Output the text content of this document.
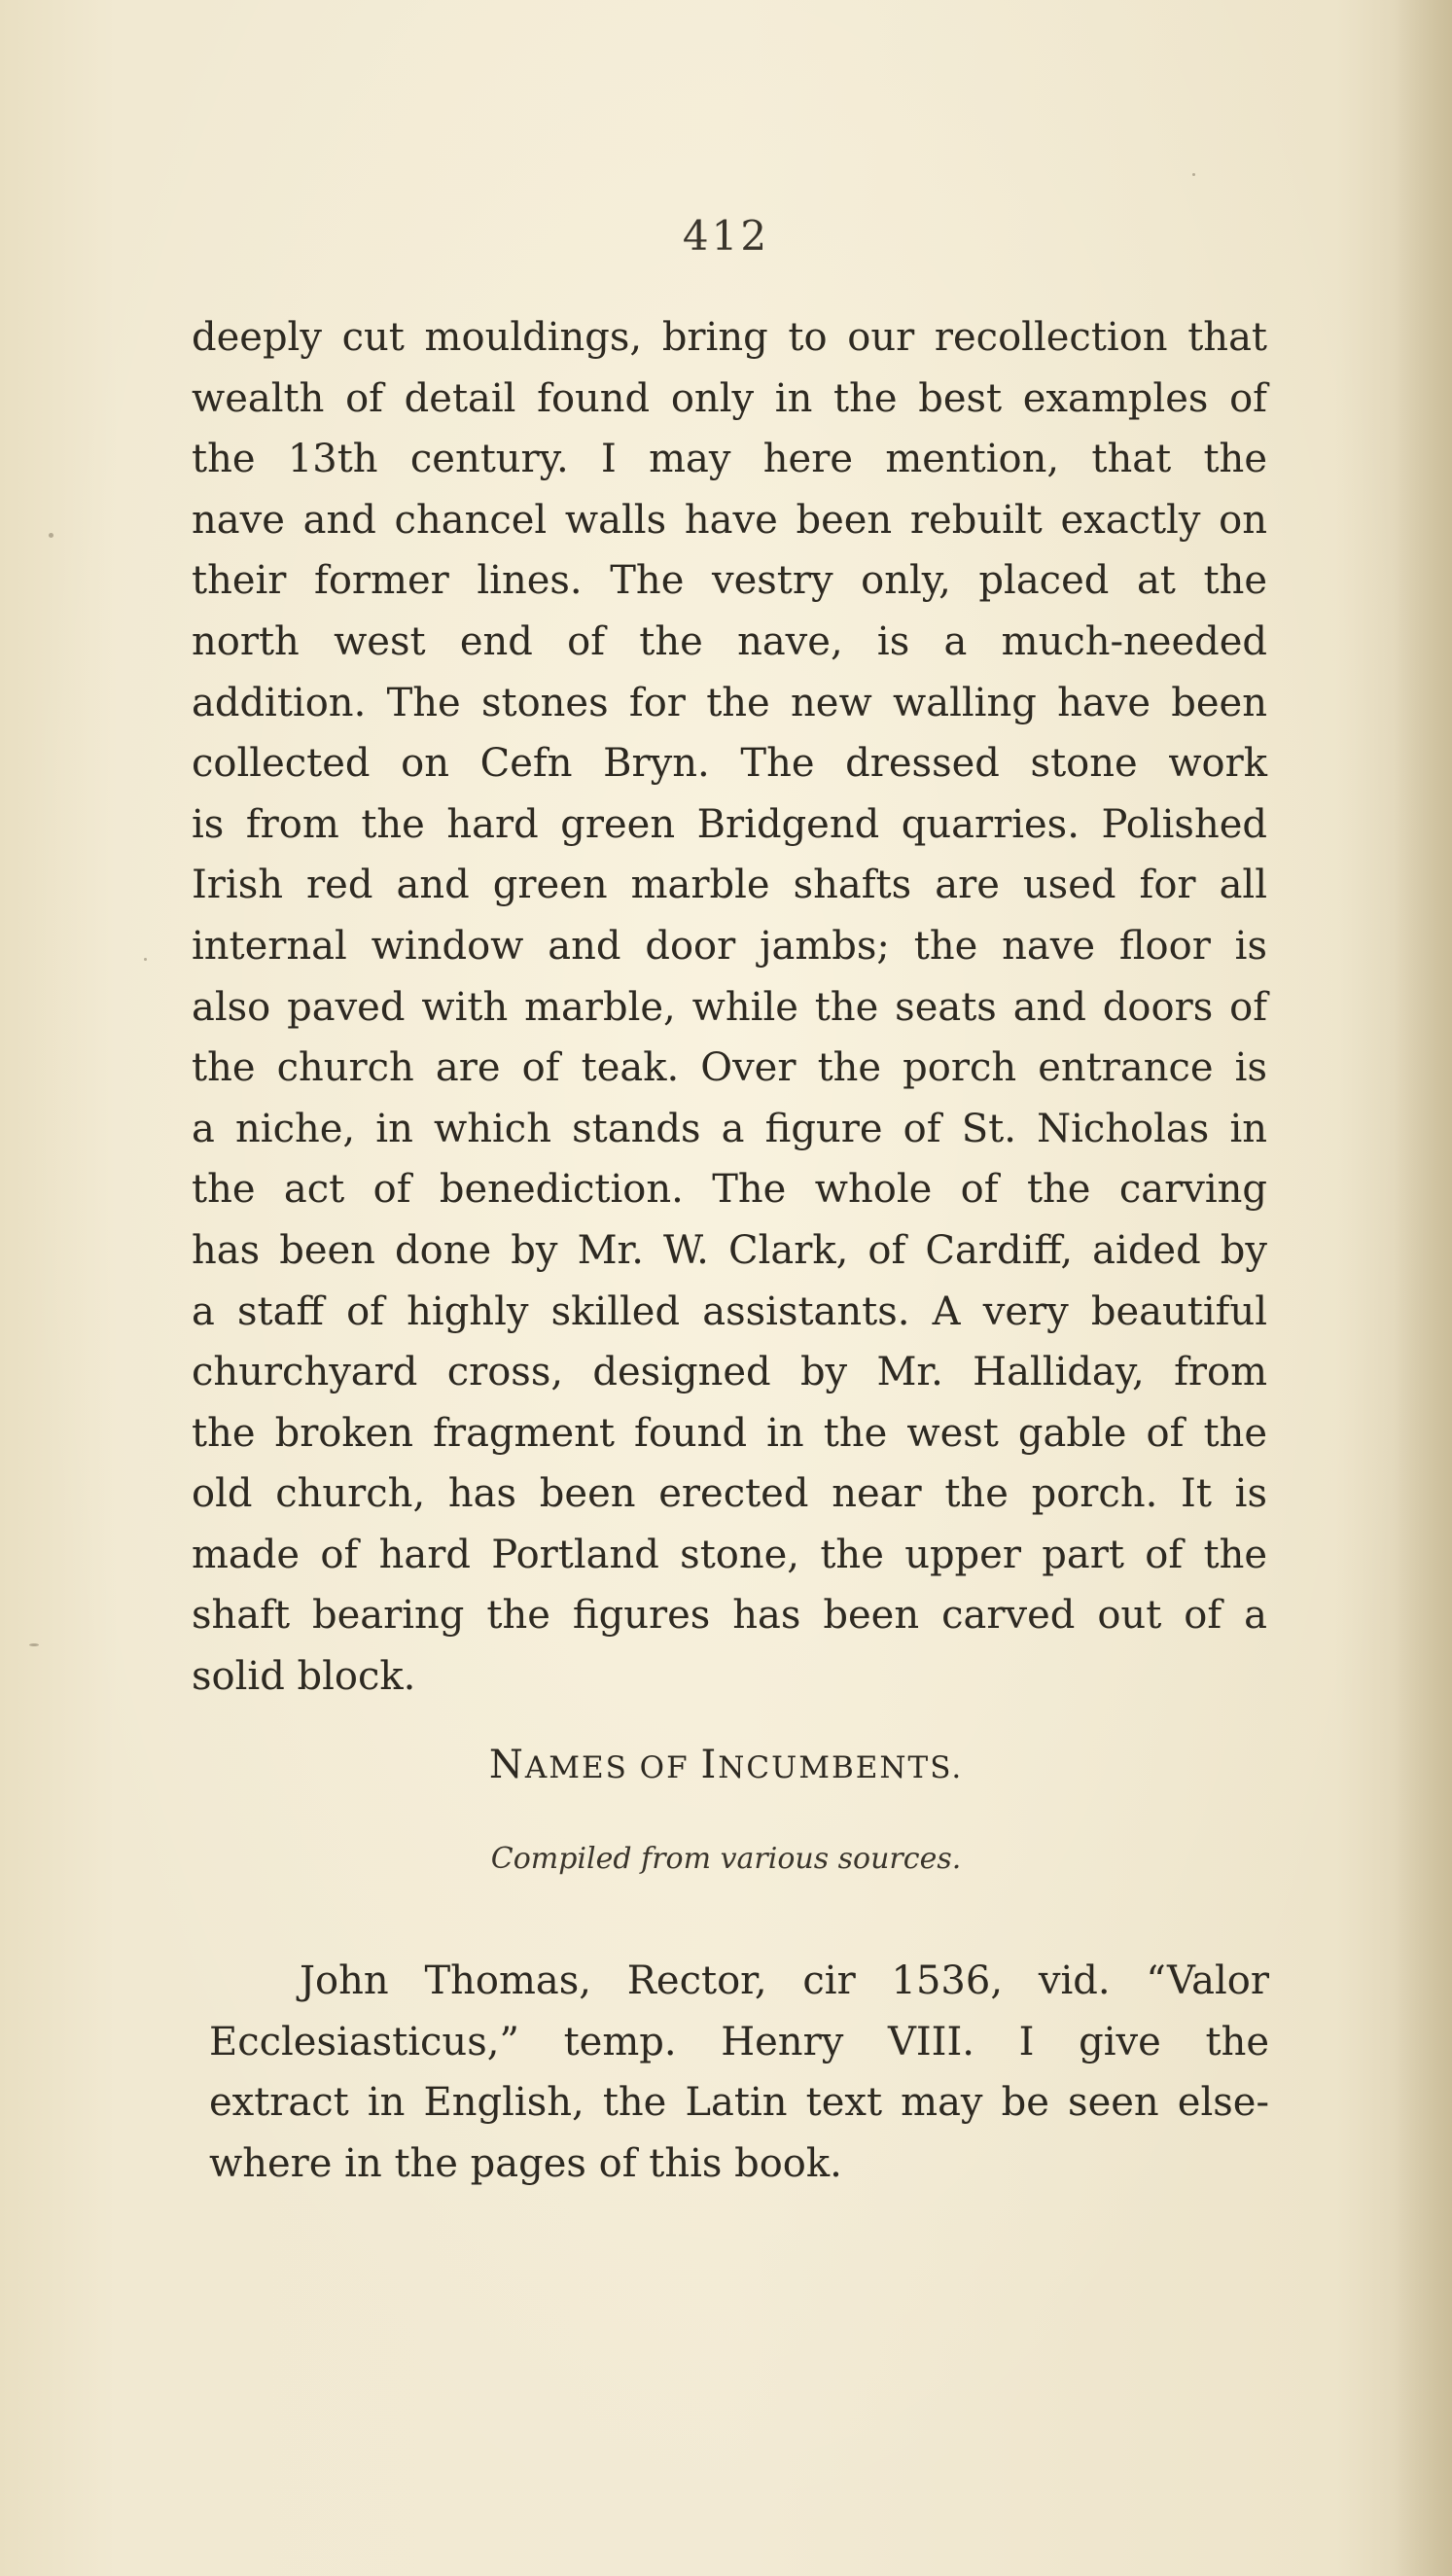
412
deeply cut mouldings, bring to our recollection that
wealth of detail found only in the best examples of
the 13th century. I may here mention, that the
nave and chancel walls have been rebuilt exactly on
their former lines. The vestry only, placed at the
north west end of the nave, is a much-needed
addition. The stones for the new walling have been
collected on Cefn Bryn. The dressed stone work
is from the hard green Bridgend quarries. Polished
Irish red and green marble shafts are used for all
internal window and door jambs; the nave floor is
also paved with marble, while the seats and doors of
the church are of teak. Over the porch entrance is
a niche, in which stands a figure of St. Nicholas in
the act of benediction. The whole of the carving
has been done by Mr. W. Clark, of Cardiff, aided by
a staff of highly skilled assistants. A very beautiful
churchyard cross, designed by Mr. Halliday, from
the broken fragment found in the west gable of the
old church, has been erected near the porch. It is
made of hard Portland stone, the upper part of the
shaft bearing the figures has been carved out of a
solid block.
NAMES OF INCUMBENTS.
Compiled from various sources.
John Thomas, Rector, cir 1536, vid. “Valor
Ecclesiasticus,” temp. Henry VIII. I give the
extract in English, the Latin text may be seen else-
where in the pages of this book.
